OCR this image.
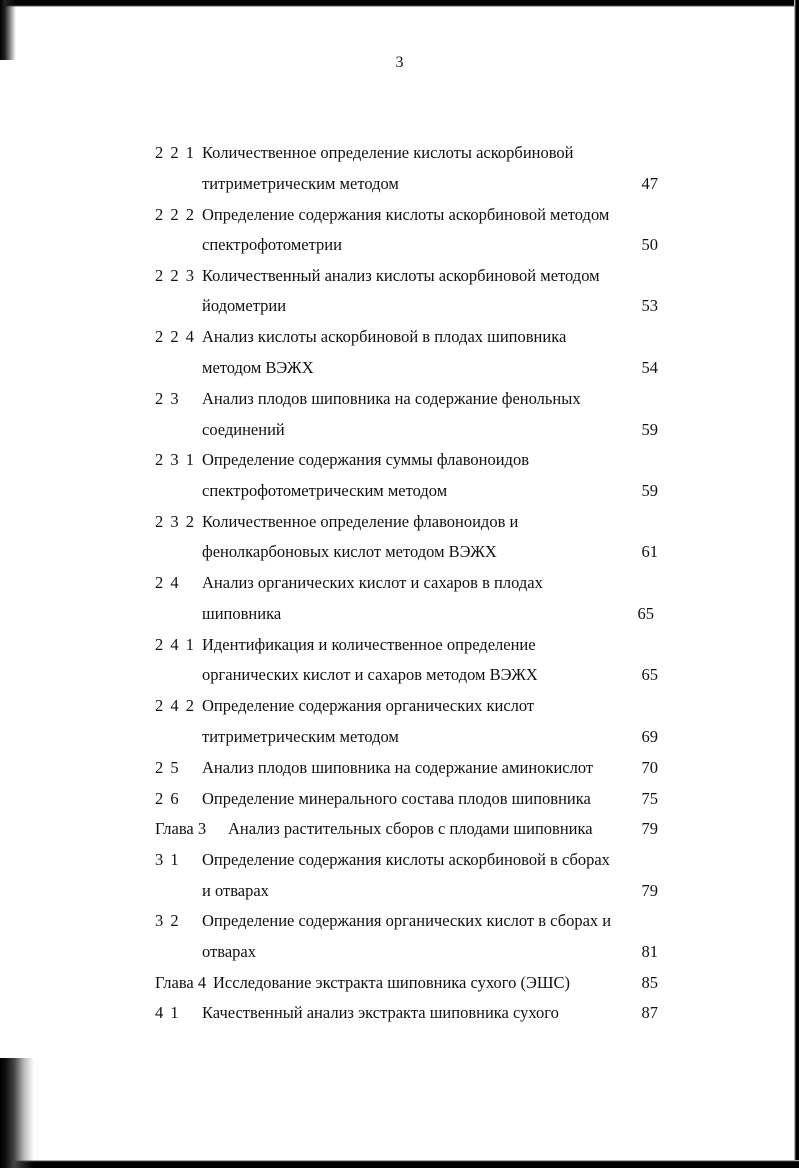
3
2 2 1 Количественное определение кислоты аскорбиновой
титриметрическим методом	47
2 2 2 Определение содержания кислоты аскорбиновой методом
спектрофотометрии	50
2 2 3 Количественный анализ кислоты аскорбиновой методом
йодометрии	53
2 2 4 Анализ кислоты аскорбиновой в плодах шиповника
методом ВЭЖХ	54
2 3 Анализ плодов шиповника на содержание фенольных
соединений	59
2 3 1 Определение содержания суммы флавоноидов
спектрофотометрическим методом	59
2 3 2 Количественное определение флавоноидов и
фенолкарбоновых кислот методом ВЭЖХ	61
2 4 Анализ органических кислот и сахаров в плодах
шиповника	65
2 4 1 Идентификация и количественное определение
органических кислот и сахаров методом ВЭЖХ	65
2 4 2 Определение содержания органических кислот
титриметрическим методом	69
2 5 Анализ плодов шиповника на содержание аминокислот	70
2 6 Определение минерального состава плодов шиповника	75
Глава 3 Анализ растительных сборов с плодами шиповника	79
3 1 Определение содержания кислоты аскорбиновой в сборах
и отварах	79
3 2 Определение содержания органических кислот в сборах и
отварах	81
Глава 4 Исследование экстракта шиповника сухого (ЭШС)	85
4 1 Качественный анализ экстракта шиповника сухого	87
